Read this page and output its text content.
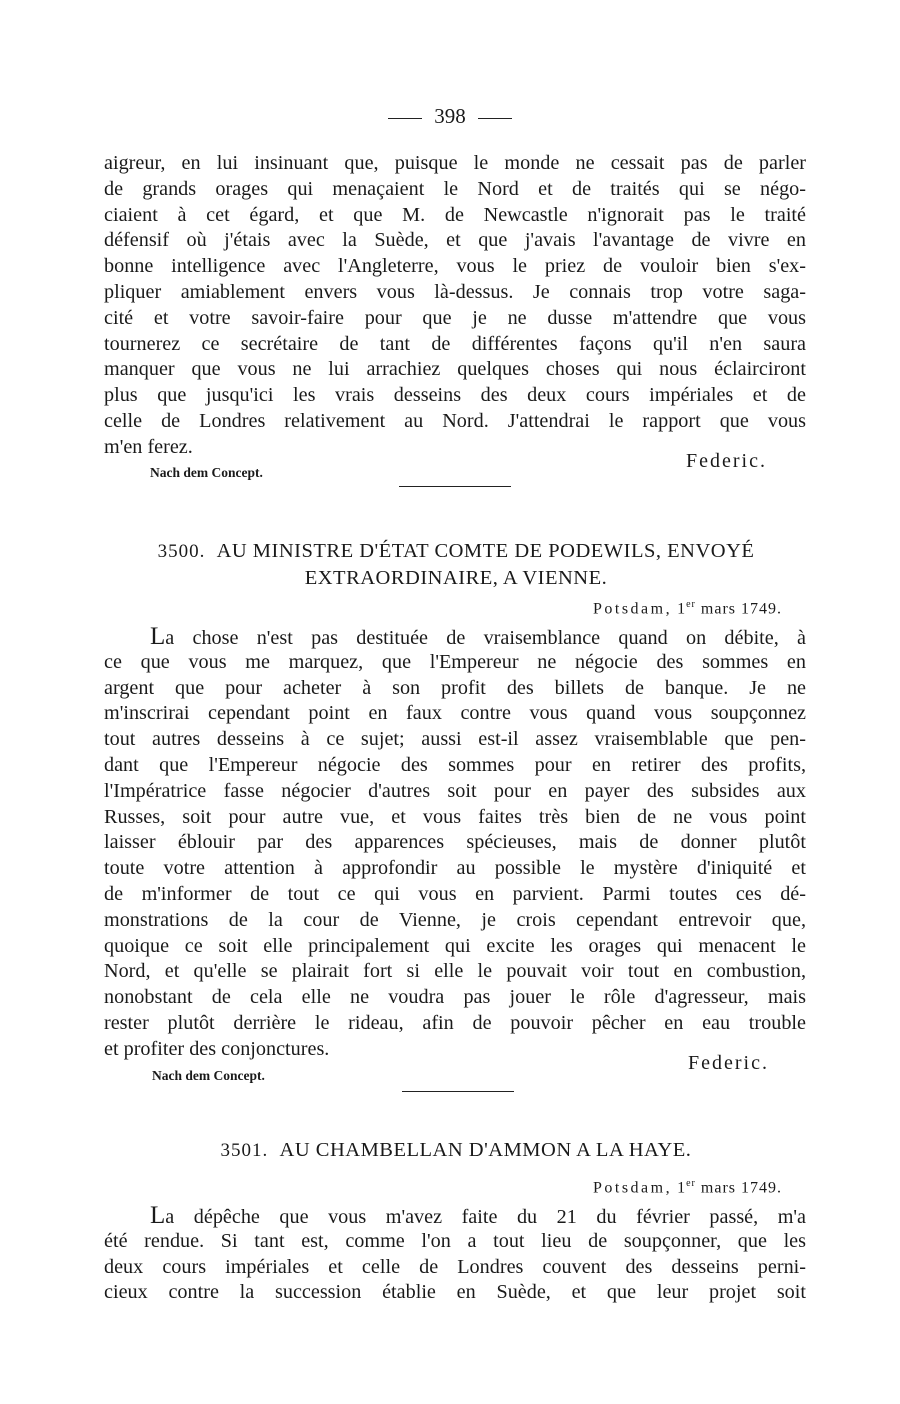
398
aigreur, en lui insinuant que, puisque le monde ne cessait pas de parler
de grands orages qui menaçaient le Nord et de traités qui se négo-
ciaient à cet égard, et que M. de Newcastle n'ignorait pas le traité
défensif où j'étais avec la Suède, et que j'avais l'avantage de vivre en
bonne intelligence avec l'Angleterre, vous le priez de vouloir bien s'ex-
pliquer amiablement envers vous là-dessus. Je connais trop votre saga-
cité et votre savoir-faire pour que je ne dusse m'attendre que vous
tournerez ce secrétaire de tant de différentes façons qu'il n'en saura
manquer que vous ne lui arrachiez quelques choses qui nous éclairciront
plus que jusqu'ici les vrais desseins des deux cours impériales et de
celle de Londres relativement au Nord. J'attendrai le rapport que vous
m'en ferez.
Federic.
Nach dem Concept.
3500. AU MINISTRE D'ÉTAT COMTE DE PODEWILS, ENVOYÉ
EXTRAORDINAIRE, A VIENNE.
Potsdam, 1er mars 1749.
La chose n'est pas destituée de vraisemblance quand on débite, à
ce que vous me marquez, que l'Empereur ne négocie des sommes en
argent que pour acheter à son profit des billets de banque. Je ne
m'inscrirai cependant point en faux contre vous quand vous soupçonnez
tout autres desseins à ce sujet; aussi est-il assez vraisemblable que pen-
dant que l'Empereur négocie des sommes pour en retirer des profits,
l'Impératrice fasse négocier d'autres soit pour en payer des subsides aux
Russes, soit pour autre vue, et vous faites très bien de ne vous point
laisser éblouir par des apparences spécieuses, mais de donner plutôt
toute votre attention à approfondir au possible le mystère d'iniquité et
de m'informer de tout ce qui vous en parvient. Parmi toutes ces dé-
monstrations de la cour de Vienne, je crois cependant entrevoir que,
quoique ce soit elle principalement qui excite les orages qui menacent le
Nord, et qu'elle se plairait fort si elle le pouvait voir tout en combustion,
nonobstant de cela elle ne voudra pas jouer le rôle d'agresseur, mais
rester plutôt derrière le rideau, afin de pouvoir pêcher en eau trouble
et profiter des conjonctures.
Federic.
Nach dem Concept.
3501. AU CHAMBELLAN D'AMMON A LA HAYE.
Potsdam, 1er mars 1749.
La dépêche que vous m'avez faite du 21 du février passé, m'a
été rendue. Si tant est, comme l'on a tout lieu de soupçonner, que les
deux cours impériales et celle de Londres couvent des desseins perni-
cieux contre la succession établie en Suède, et que leur projet soit
